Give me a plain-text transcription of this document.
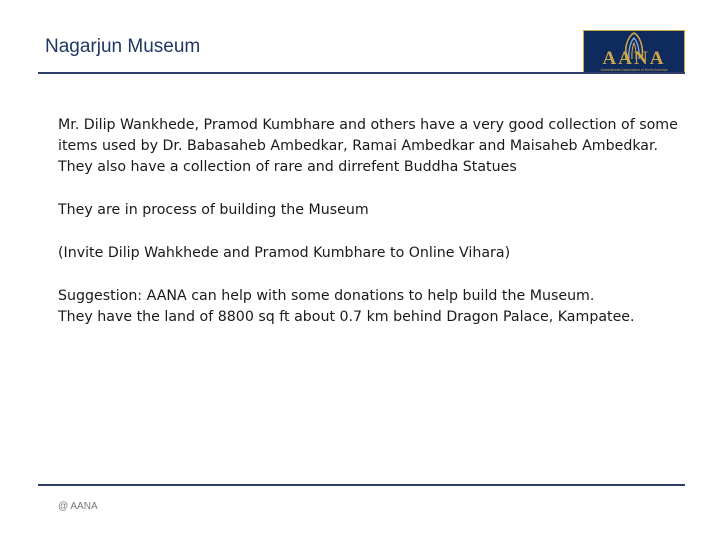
Nagarjun Museum
AANA
Ambedkarite Association of North America

Mr. Dilip Wankhede, Pramod Kumbhare and others have a very good collection of some items used by Dr. Babasaheb Ambedkar, Ramai Ambedkar and Maisaheb Ambedkar.
They also have a collection of rare and dirrefent Buddha Statues

They are in process of building the Museum

(Invite Dilip Wahkhede and Pramod Kumbhare to Online Vihara)

Suggestion: AANA can help with some donations to help build the Museum.
They have the land of 8800 sq ft about 0.7 km behind Dragon Palace, Kampatee.

@ AANA
